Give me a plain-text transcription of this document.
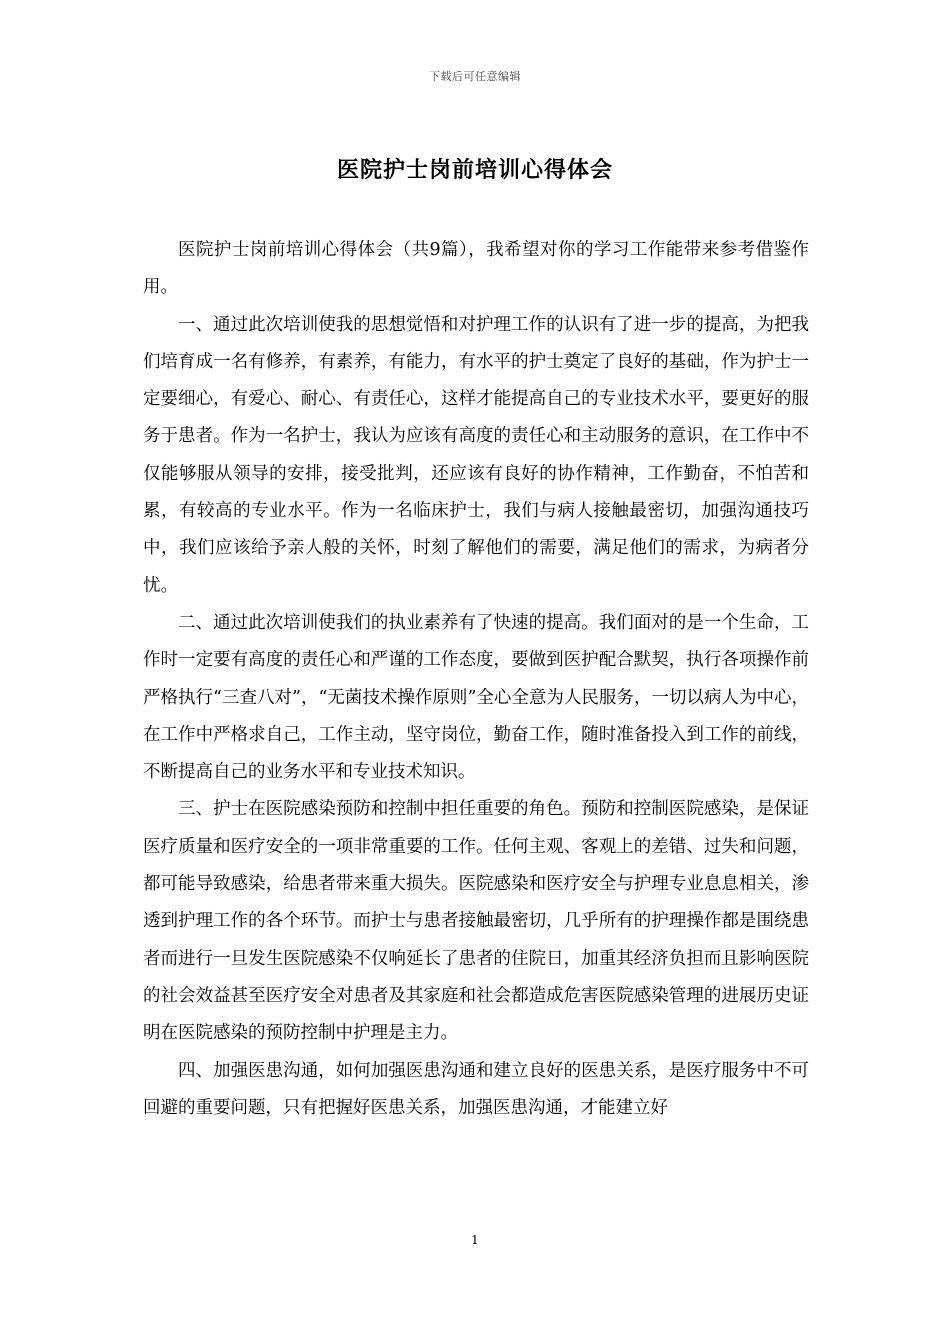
下载后可任意编辑
医院护士岗前培训心得体会

医院护士岗前培训心得体会（共9篇），我希望对你的学习工作能带来参考借鉴作用。

一、通过此次培训使我的思想觉悟和对护理工作的认识有了进一步的提高，为把我们培育成一名有修养，有素养，有能力，有水平的护士奠定了良好的基础，作为护士一定要细心，有爱心、耐心、有责任心，这样才能提高自己的专业技术水平，要更好的服务于患者。作为一名护士，我认为应该有高度的责任心和主动服务的意识，在工作中不仅能够服从领导的安排，接受批判，还应该有良好的协作精神，工作勤奋，不怕苦和累，有较高的专业水平。作为一名临床护士，我们与病人接触最密切，加强沟通技巧中，我们应该给予亲人般的关怀，时刻了解他们的需要，满足他们的需求，为病者分忧。

二、通过此次培训使我们的执业素养有了快速的提高。我们面对的是一个生命，工作时一定要有高度的责任心和严谨的工作态度，要做到医护配合默契，执行各项操作前严格执行“三查八对”，“无菌技术操作原则”全心全意为人民服务，一切以病人为中心，在工作中严格求自己，工作主动，坚守岗位，勤奋工作，随时准备投入到工作的前线，不断提高自己的业务水平和专业技术知识。

三、护士在医院感染预防和控制中担任重要的角色。预防和控制医院感染，是保证医疗质量和医疗安全的一项非常重要的工作。任何主观、客观上的差错、过失和问题，都可能导致感染，给患者带来重大损失。医院感染和医疗安全与护理专业息息相关，渗透到护理工作的各个环节。而护士与患者接触最密切，几乎所有的护理操作都是围绕患者而进行一旦发生医院感染不仅响延长了患者的住院日，加重其经济负担而且影响医院的社会效益甚至医疗安全对患者及其家庭和社会都造成危害医院感染管理的进展历史证明在医院感染的预防控制中护理是主力。

四、加强医患沟通，如何加强医患沟通和建立良好的医患关系，是医疗服务中不可回避的重要问题，只有把握好医患关系，加强医患沟通，才能建立好

1
